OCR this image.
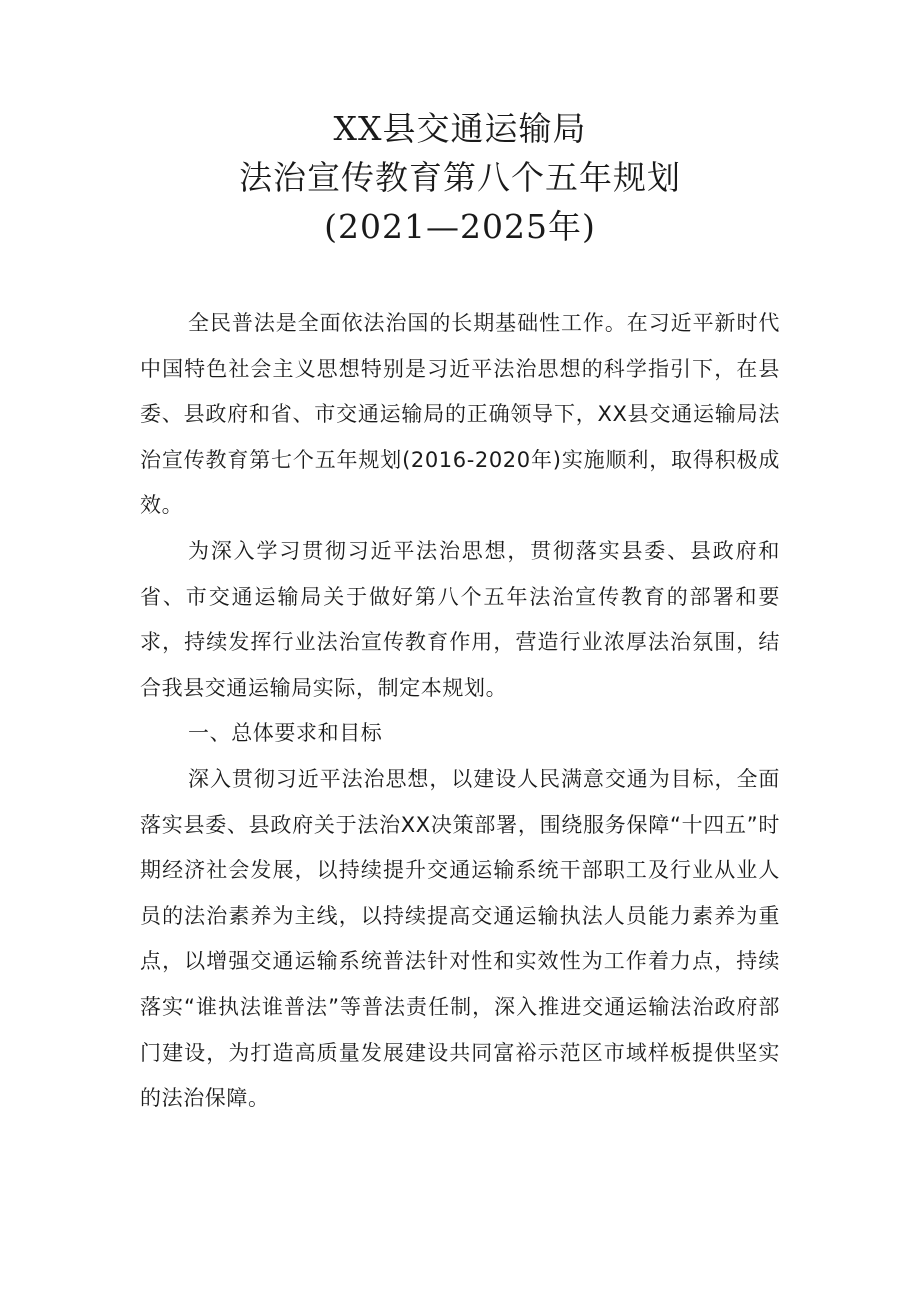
XX县交通运输局
法治宣传教育第八个五年规划
(2021—2025年)

全民普法是全面依法治国的长期基础性工作。在习近平新时代中国特色社会主义思想特别是习近平法治思想的科学指引下，在县委、县政府和省、市交通运输局的正确领导下，XX县交通运输局法治宣传教育第七个五年规划(2016-2020年)实施顺利，取得积极成效。

为深入学习贯彻习近平法治思想，贯彻落实县委、县政府和省、市交通运输局关于做好第八个五年法治宣传教育的部署和要求，持续发挥行业法治宣传教育作用，营造行业浓厚法治氛围，结合我县交通运输局实际，制定本规划。

一、总体要求和目标

深入贯彻习近平法治思想，以建设人民满意交通为目标，全面落实县委、县政府关于法治XX决策部署，围绕服务保障“十四五”时期经济社会发展，以持续提升交通运输系统干部职工及行业从业人员的法治素养为主线，以持续提高交通运输执法人员能力素养为重点，以增强交通运输系统普法针对性和实效性为工作着力点，持续落实“谁执法谁普法”等普法责任制，深入推进交通运输法治政府部门建设，为打造高质量发展建设共同富裕示范区市域样板提供坚实的法治保障。
